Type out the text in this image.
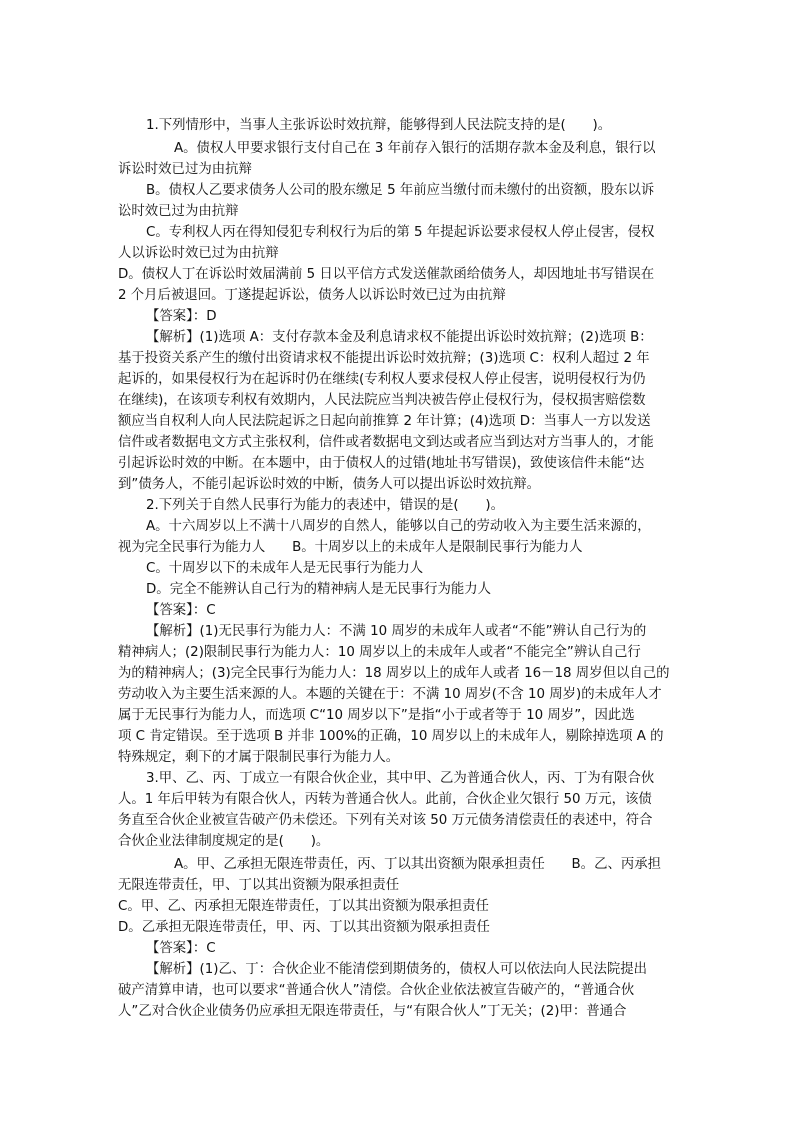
1.下列情形中，当事人主张诉讼时效抗辩，能够得到人民法院支持的是(　　)。
A。债权人甲要求银行支付自己在 3 年前存入银行的活期存款本金及利息，银行以
诉讼时效已过为由抗辩
B。债权人乙要求债务人公司的股东缴足 5 年前应当缴付而未缴付的出资额，股东以诉
讼时效已过为由抗辩
C。专利权人丙在得知侵犯专利权行为后的第 5 年提起诉讼要求侵权人停止侵害，侵权
人以诉讼时效已过为由抗辩
D。债权人丁在诉讼时效届满前 5 日以平信方式发送催款函给债务人，却因地址书写错误在
2 个月后被退回。丁遂提起诉讼，债务人以诉讼时效已过为由抗辩
【答案】：D
【解析】(1)选项 A：支付存款本金及利息请求权不能提出诉讼时效抗辩；(2)选项 B：
基于投资关系产生的缴付出资请求权不能提出诉讼时效抗辩；(3)选项 C：权利人超过 2 年
起诉的，如果侵权行为在起诉时仍在继续(专利权人要求侵权人停止侵害，说明侵权行为仍
在继续)，在该项专利权有效期内，人民法院应当判决被告停止侵权行为，侵权损害赔偿数
额应当自权利人向人民法院起诉之日起向前推算 2 年计算；(4)选项 D：当事人一方以发送
信件或者数据电文方式主张权利，信件或者数据电文到达或者应当到达对方当事人的，才能
引起诉讼时效的中断。在本题中，由于债权人的过错(地址书写错误)，致使该信件未能“达
到”债务人，不能引起诉讼时效的中断，债务人可以提出诉讼时效抗辩。
2.下列关于自然人民事行为能力的表述中，错误的是(　　)。
A。十六周岁以上不满十八周岁的自然人，能够以自己的劳动收入为主要生活来源的，
视为完全民事行为能力人　　B。十周岁以上的未成年人是限制民事行为能力人
C。十周岁以下的未成年人是无民事行为能力人
D。完全不能辨认自己行为的精神病人是无民事行为能力人
【答案】：C
【解析】(1)无民事行为能力人：不满 10 周岁的未成年人或者“不能”辨认自己行为的
精神病人；(2)限制民事行为能力人：10 周岁以上的未成年人或者“不能完全”辨认自己行
为的精神病人；(3)完全民事行为能力人：18 周岁以上的成年人或者 16－18 周岁但以自己的
劳动收入为主要生活来源的人。本题的关键在于：不满 10 周岁(不含 10 周岁)的未成年人才
属于无民事行为能力人，而选项 C“10 周岁以下”是指“小于或者等于 10 周岁”，因此选
项 C 肯定错误。至于选项 B 并非 100%的正确，10 周岁以上的未成年人，剔除掉选项 A 的
特殊规定，剩下的才属于限制民事行为能力人。
3.甲、乙、丙、丁成立一有限合伙企业，其中甲、乙为普通合伙人，丙、丁为有限合伙
人。1 年后甲转为有限合伙人，丙转为普通合伙人。此前，合伙企业欠银行 50 万元，该债
务直至合伙企业被宣告破产仍未偿还。下列有关对该 50 万元债务清偿责任的表述中，符合
合伙企业法律制度规定的是(　　)。
A。甲、乙承担无限连带责任，丙、丁以其出资额为限承担责任　　B。乙、丙承担
无限连带责任，甲、丁以其出资额为限承担责任
C。甲、乙、丙承担无限连带责任，丁以其出资额为限承担责任
D。乙承担无限连带责任，甲、丙、丁以其出资额为限承担责任
【答案】：C
【解析】(1)乙、丁：合伙企业不能清偿到期债务的，债权人可以依法向人民法院提出
破产清算申请，也可以要求“普通合伙人”清偿。合伙企业依法被宣告破产的，“普通合伙
人”乙对合伙企业债务仍应承担无限连带责任，与“有限合伙人”丁无关；(2)甲：普通合
